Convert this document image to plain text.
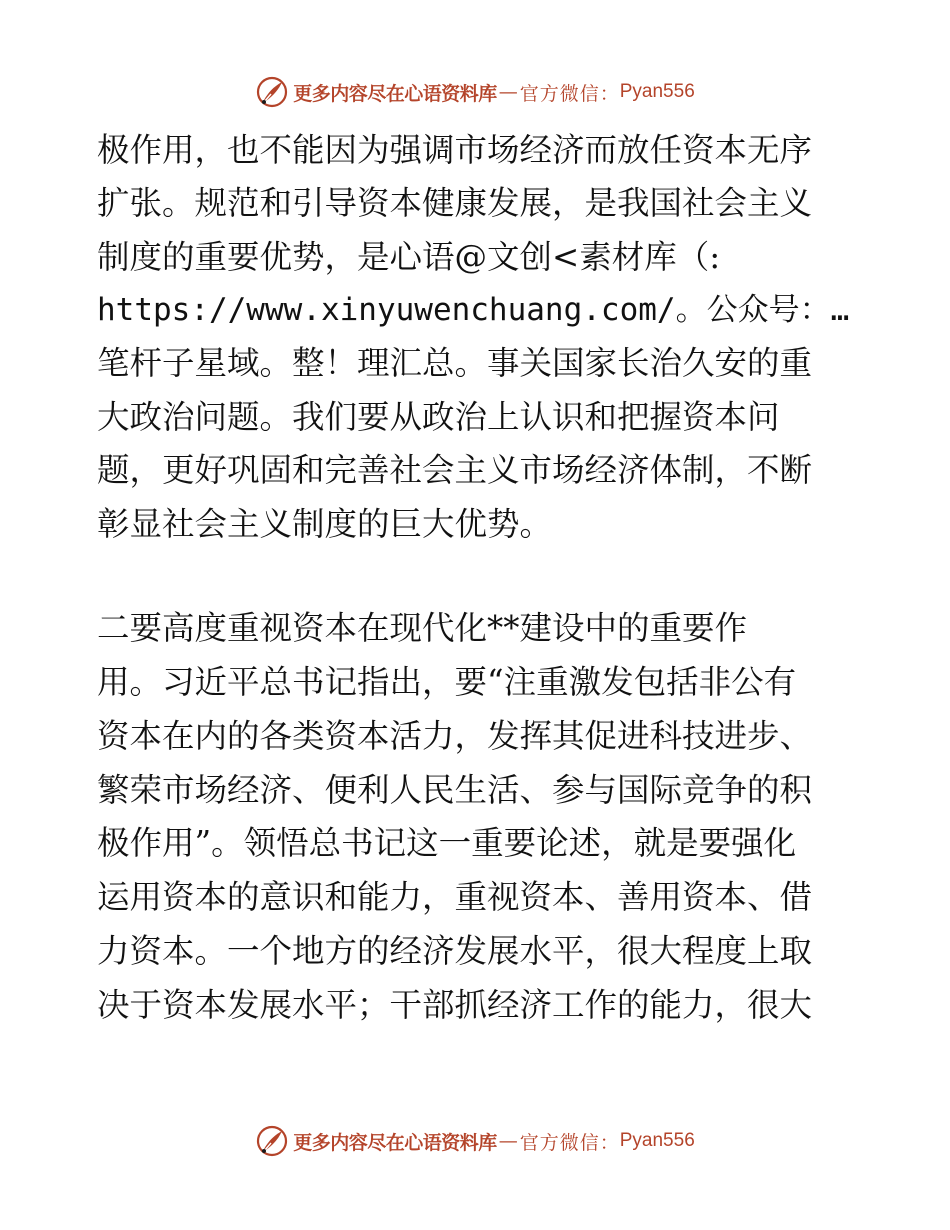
更多内容尽在心语资料库 — 官方微信： Pyan556
极作用，也不能因为强调市场经济而放任资本无序
扩张。规范和引导资本健康发展，是我国社会主义
制度的重要优势，是心语@文创<素材库（:
https://www.xinyuwenchuang.com/。公众号：…
笔杆子星域。整！理汇总。事关国家长治久安的重
大政治问题。我们要从政治上认识和把握资本问
题，更好巩固和完善社会主义市场经济体制，不断
彰显社会主义制度的巨大优势。
二要高度重视资本在现代化**建设中的重要作
用。习近平总书记指出，要“注重激发包括非公有
资本在内的各类资本活力，发挥其促进科技进步、
繁荣市场经济、便利人民生活、参与国际竞争的积
极作用”。领悟总书记这一重要论述，就是要强化
运用资本的意识和能力，重视资本、善用资本、借
力资本。一个地方的经济发展水平，很大程度上取
决于资本发展水平；干部抓经济工作的能力，很大
更多内容尽在心语资料库 — 官方微信： Pyan556
